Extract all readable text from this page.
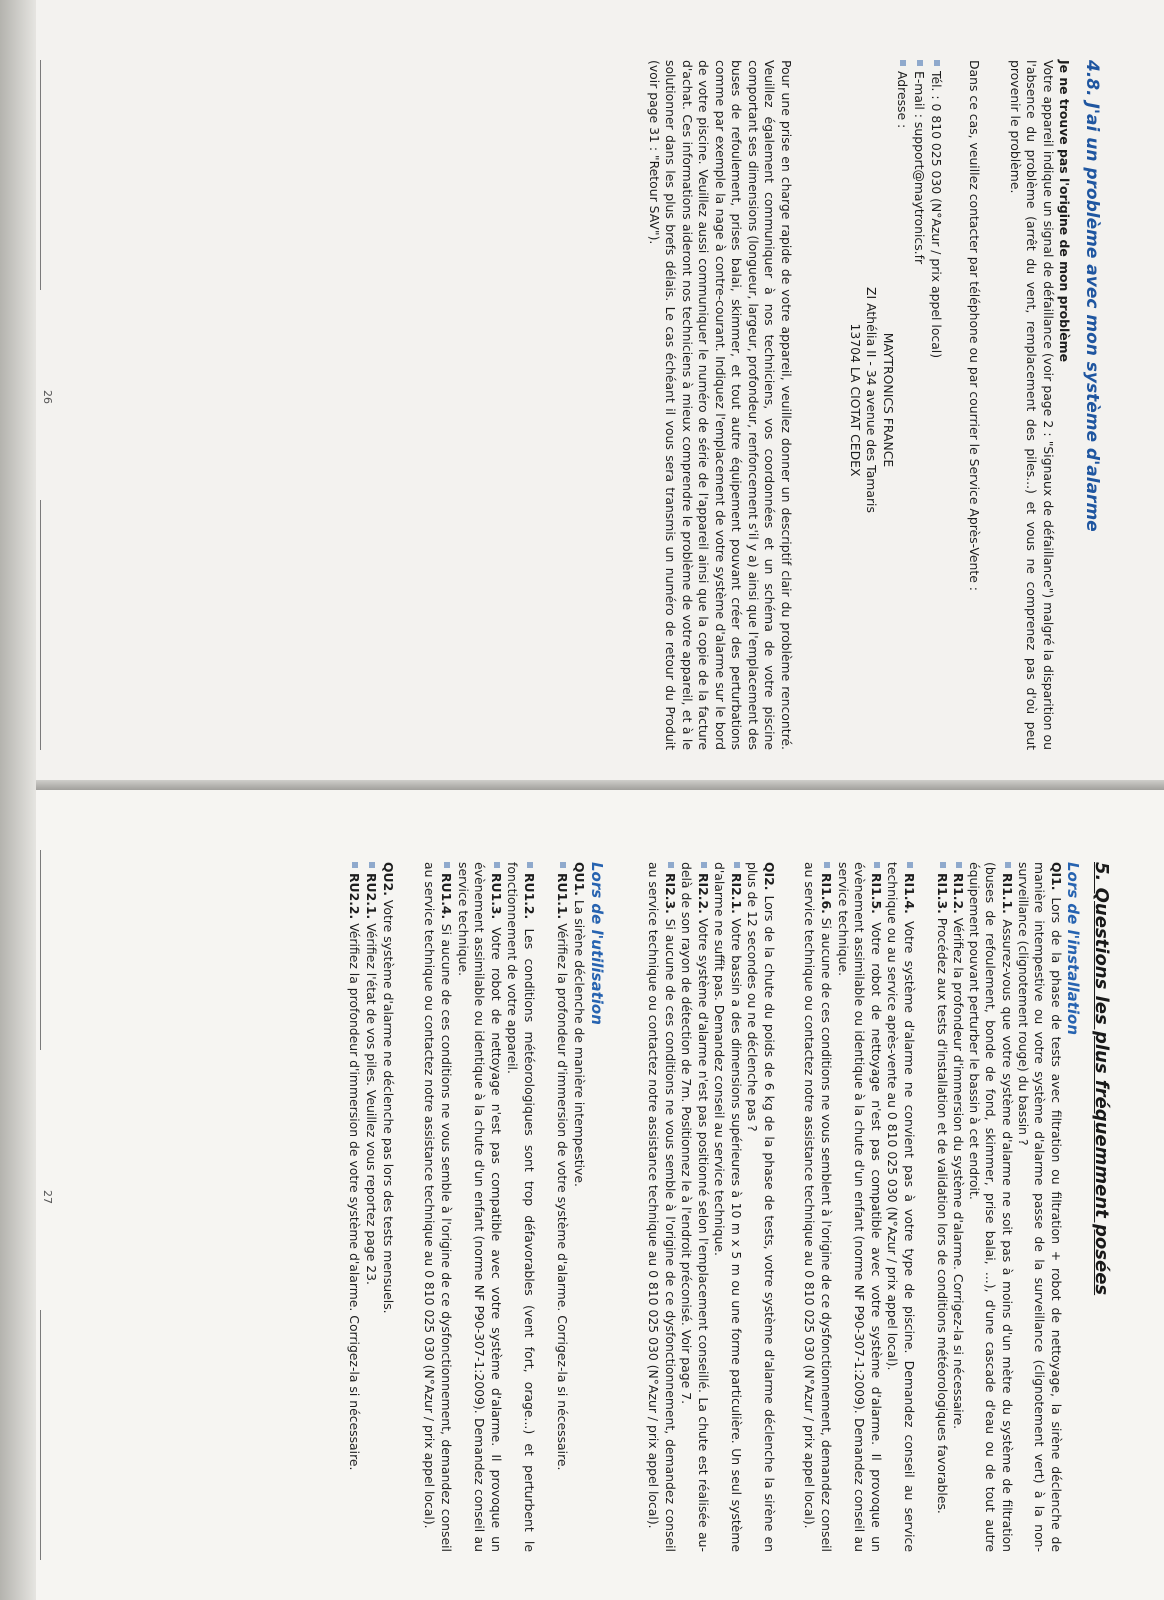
4.8. J'ai un problème avec mon système d'alarme
Je ne trouve pas l'origine de mon problème

Votre appareil indique un signal de défaillance (voir page 2 : "Signaux de défaillance") malgré la disparition ou l'absence du problème (arrêt du vent, remplacement des piles...) et vous ne comprenez pas d'où peut provenir le problème.

Dans ce cas, veuillez contacter par téléphone ou par courrier le Service Après-Vente :

Tél. : 0 810 025 030 (N°Azur / prix appel local)
E-mail : support@maytronics.fr
Adresse :
MAYTRONICS FRANCE
ZI Athélia II - 34 avenue des Tamaris
13704 LA CIOTAT CEDEX

Pour une prise en charge rapide de votre appareil, veuillez donner un descriptif clair du problème rencontré. Veuillez également communiquer à nos techniciens, vos coordonnées et un schéma de votre piscine comportant ses dimensions (longueur, largeur, profondeur, renfoncement s'il y a) ainsi que l'emplacement des buses de refoulement, prises balai, skimmer, et tout autre équipement pouvant créer des perturbations comme par exemple la nage à contre-courant. Indiquez l'emplacement de votre système d'alarme sur le bord de votre piscine. Veuillez aussi communiquer le numéro de série de l'appareil ainsi que la copie de la facture d'achat. Ces informations aideront nos techniciens à mieux comprendre le problème de votre appareil, et à le solutionner dans les plus brefs délais. Le cas échéant il vous sera transmis un numéro de retour du Produit (voir page 31 : "Retour SAV").

26
5. Questions les plus fréquemment posées
Lors de l'installation

QI1. Lors de la phase de tests avec filtration ou filtration + robot de nettoyage, la sirène déclenche de manière intempestive ou votre système d'alarme passe de la surveillance (clignotement vert) à la non-surveillance (clignotement rouge) du bassin ?

RI1.1. Assurez-vous que votre système d'alarme ne soit pas à moins d'un mètre du système de filtration (buses de refoulement, bonde de fond, skimmer, prise balai, ...), d'une cascade d'eau ou de tout autre équipement pouvant perturber le bassin à cet endroit.

RI1.2. Vérifiez la profondeur d'immersion du système d'alarme. Corrigez-la si nécessaire.

RI1.3. Procédez aux tests d'installation et de validation lors de conditions météorologiques favorables.

RI1.4. Votre système d'alarme ne convient pas à votre type de piscine. Demandez conseil au service technique ou au service après-vente au 0 810 025 030 (N°Azur / prix appel local).

RI1.5. Votre robot de nettoyage n'est pas compatible avec votre système d'alarme. Il provoque un évènement assimilable ou identique à la chute d'un enfant (norme NF P90-307-1:2009). Demandez conseil au service technique.

RI1.6. Si aucune de ces conditions ne vous semblent à l'origine de ce dysfonctionnement, demandez conseil au service technique ou contactez notre assistance technique au 0 810 025 030 (N°Azur / prix appel local).

QI2. Lors de la chute du poids de 6 kg de la phase de tests, votre système d'alarme déclenche la sirène en plus de 12 secondes ou ne déclenche pas ?

RI2.1. Votre bassin a des dimensions supérieures à 10 m x 5 m ou une forme particulière. Un seul système d'alarme ne suffit pas. Demandez conseil au service technique.

RI2.2. Votre système d'alarme n'est pas positionné selon l'emplacement conseillé. La chute est réalisée au-delà de son rayon de détection de 7m. Positionnez le à l'endroit préconisé. Voir page 7.

RI2.3. Si aucune de ces conditions ne vous semble à l'origine de ce dysfonctionnement, demandez conseil au service technique ou contactez notre assistance technique au 0 810 025 030 (N°Azur / prix appel local).

Lors de l'utilisation

QU1. La sirène déclenche de manière intempestive.

RU1.1. Vérifiez la profondeur d'immersion de votre système d'alarme. Corrigez-la si nécessaire.

RU1.2. Les conditions météorologiques sont trop défavorables (vent fort, orage...) et perturbent le fonctionnement de votre appareil.

RU1.3. Votre robot de nettoyage n'est pas compatible avec votre système d'alarme. Il provoque un évènement assimilable ou identique à la chute d'un enfant (norme NF P90-307-1:2009). Demandez conseil au service technique.

RU1.4. Si aucune de ces conditions ne vous semble à l'origine de ce dysfonctionnement, demandez conseil au service technique ou contactez notre assistance technique au 0 810 025 030 (N°Azur / prix appel local).

QU2. Votre système d'alarme ne déclenche pas lors des tests mensuels.

RU2.1. Vérifiez l'état de vos piles. Veuillez vous reportez page 23.

RU2.2. Vérifiez la profondeur d'immersion de votre système d'alarme. Corrigez-la si nécessaire.

27
